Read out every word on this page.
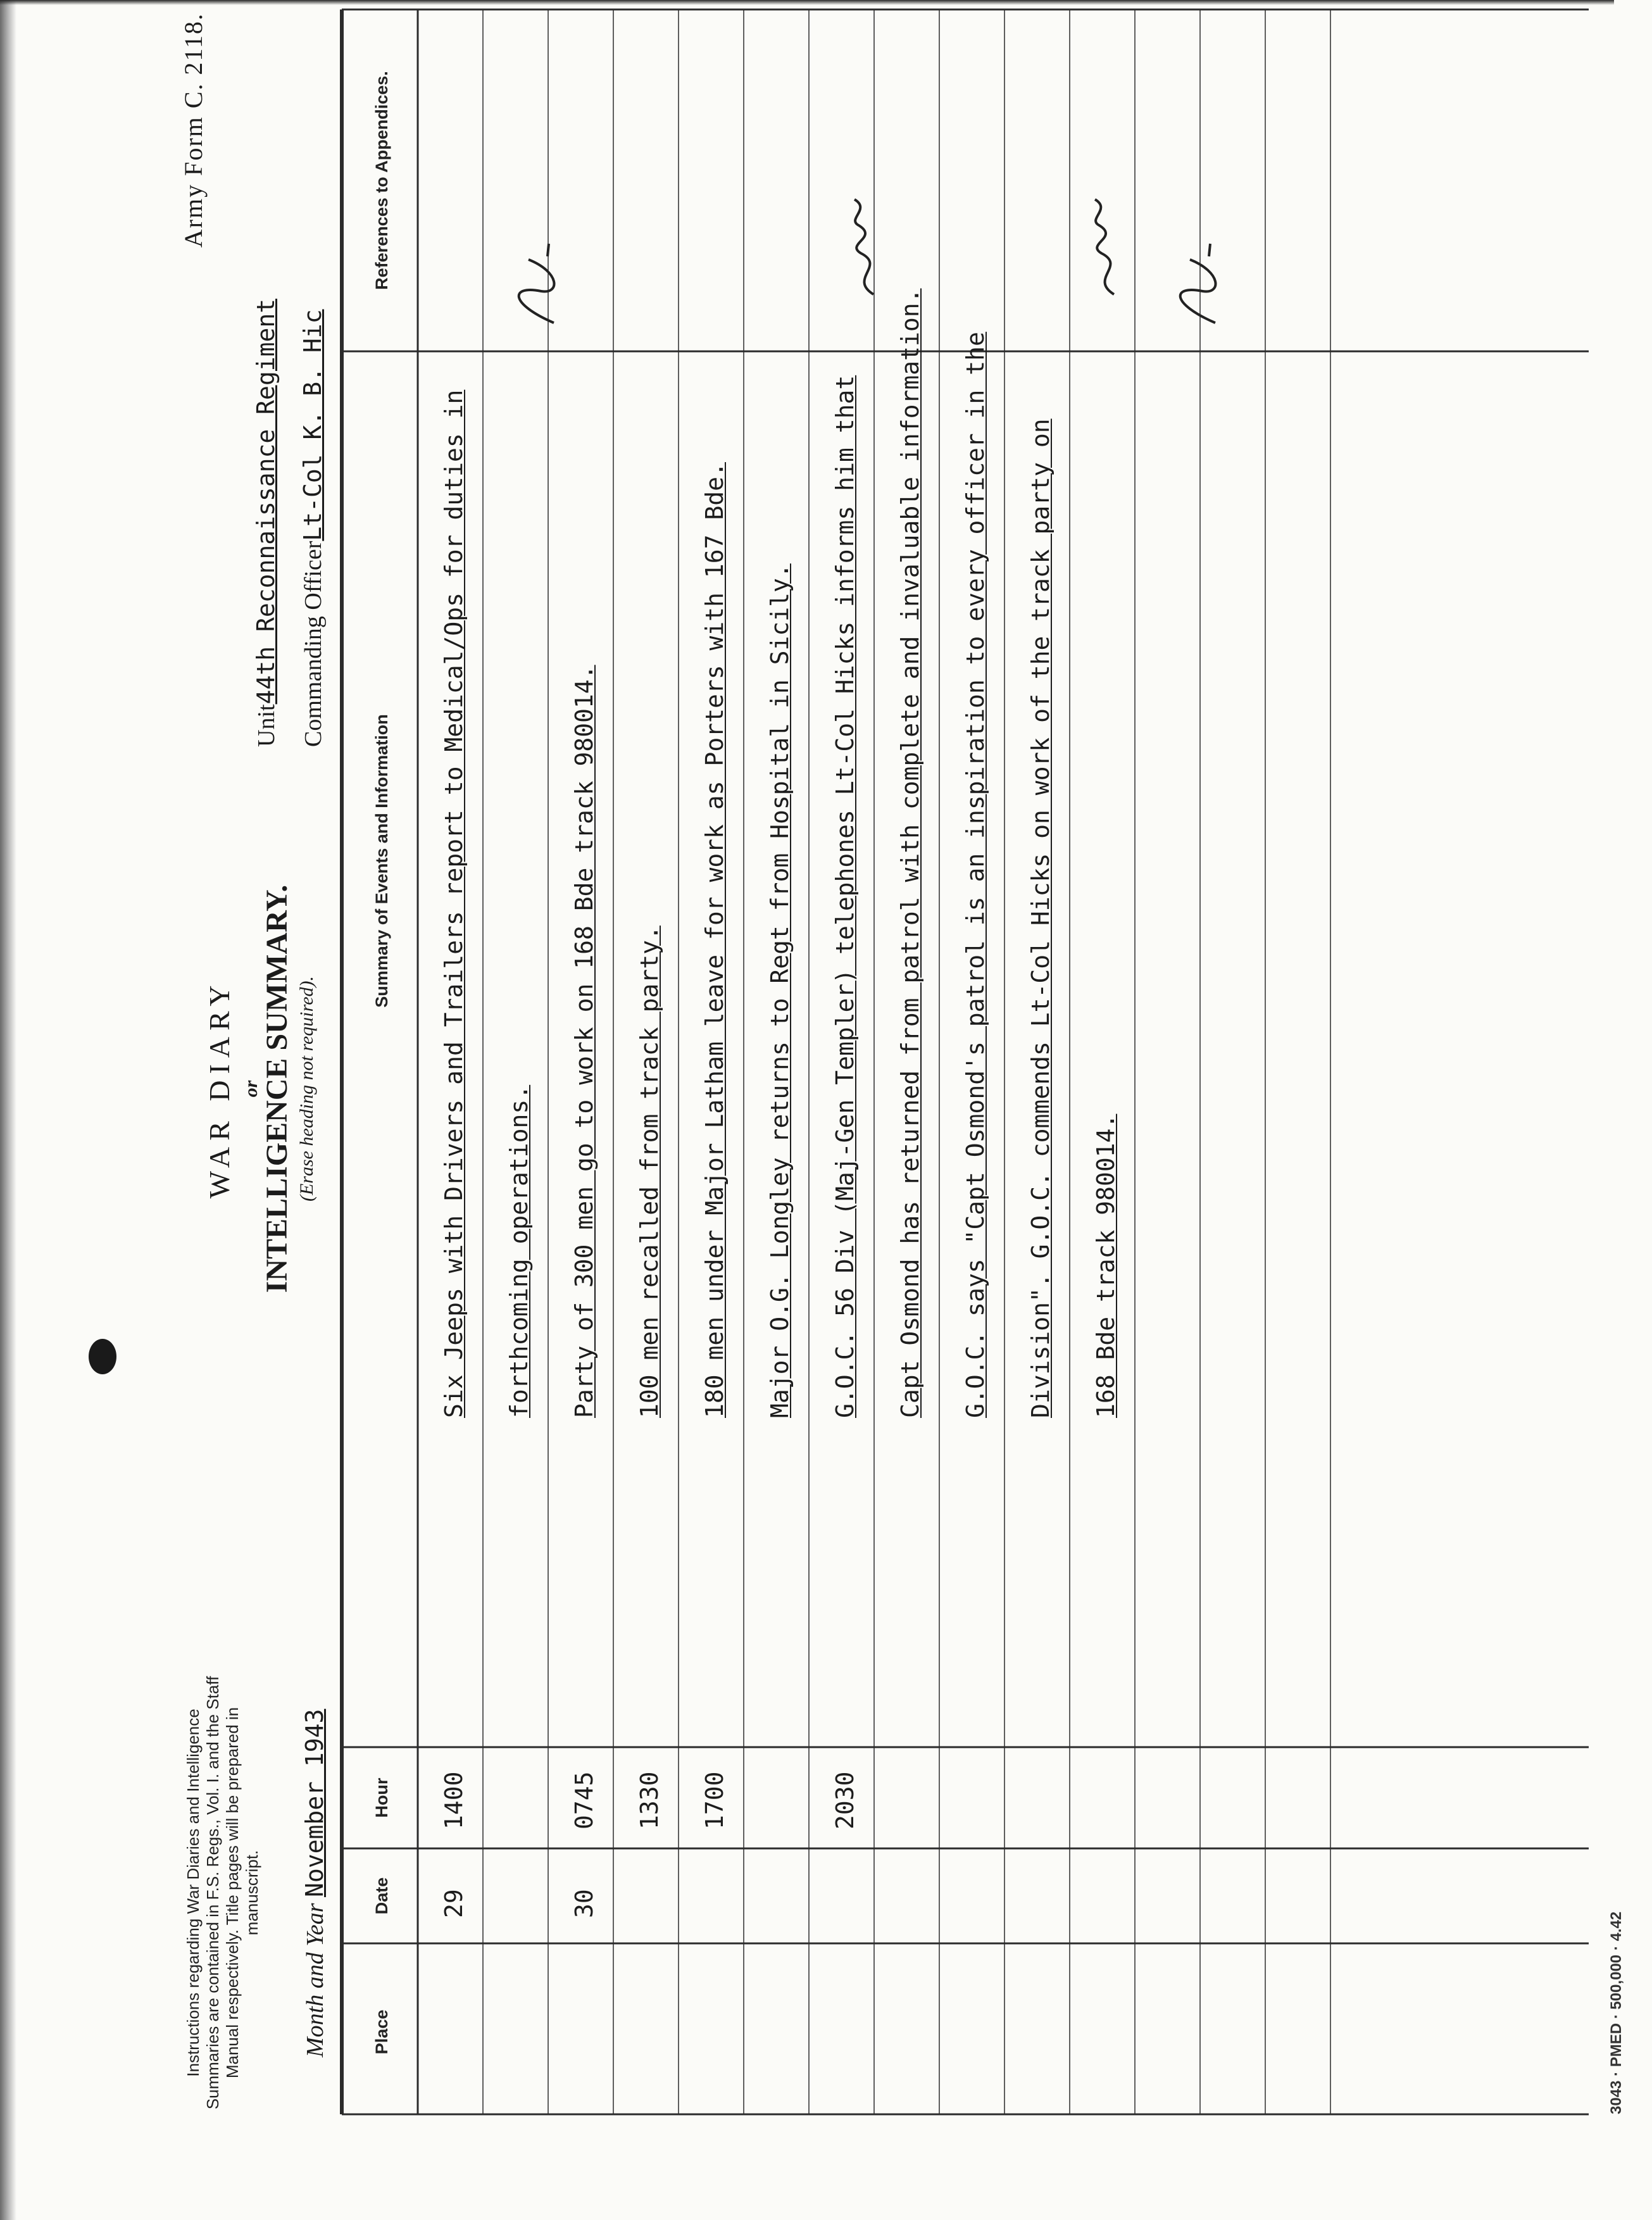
Instructions regarding War Diaries and Intelligence Summaries are contained in F.S. Regs., Vol. I. and the Staff Manual respectively. Title pages will be prepared in manuscript.
Month and Year November 1943
WAR DIARY or
INTELLIGENCE SUMMARY. (Erase heading not required).
Army Form C. 2118.
Unit44th Reconnaissance Regiment Commanding OfficerLt-Col K. B. Hic
Place
Date
Hour
Summary of Events and Information
References to Appendices.
29
1400
Six Jeeps with Drivers and Trailers report to Medical/Ops for duties in forthcoming operations.
30
0745
Party of 300 men go to work on 168 Bde track 980014.
1330
100 men recalled from track party.
1700
180 men under Major Latham leave for work as Porters with 167 Bde. Major O.G. Longley returns to Regt from Hospital in Sicily.
2030
G.O.C. 56 Div (Maj-Gen Templer) telephones Lt-Col Hicks informs him that Capt Osmond has returned from patrol with complete and invaluable information. G.O.C. says "Capt Osmond's patrol is an inspiration to every officer in the Division". G.O.C. commends Lt-Col Hicks on work of the track party on 168 Bde track 980014.
3043 · PMED · 500,000 · 4.42
